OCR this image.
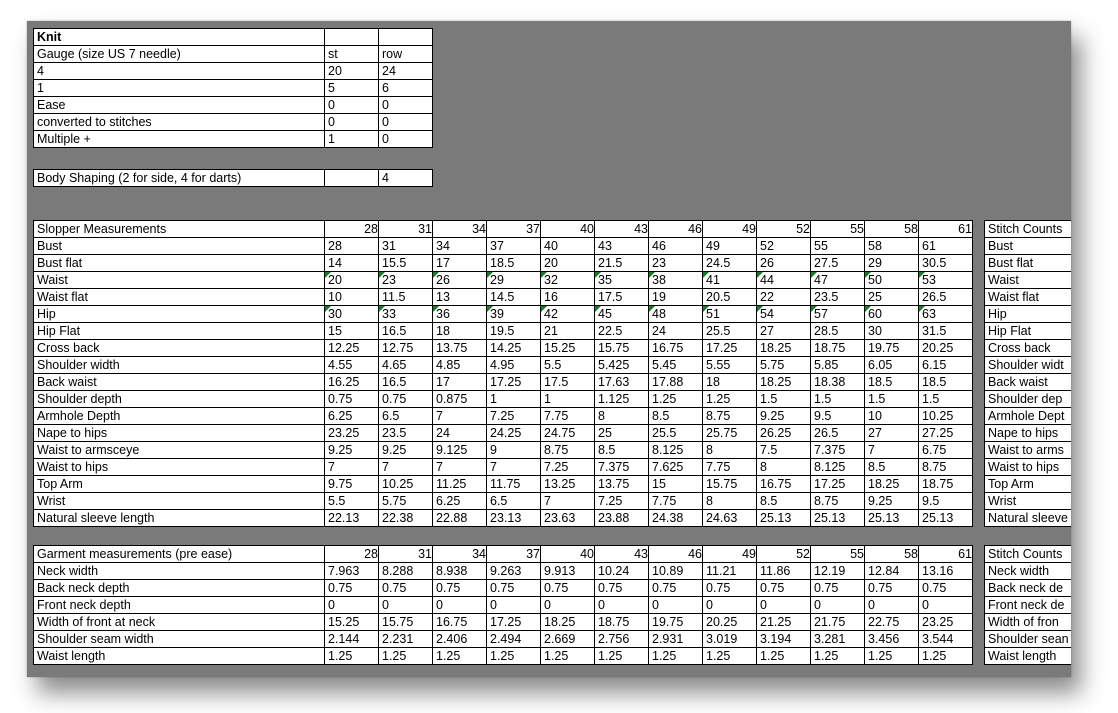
Knit		
Gauge (size US 7 needle)	st	row
4	20	24
1	5	6
Ease	0	0
converted to stitches	0	0
Multiple +	1	0
Body Shaping (2 for side, 4 for darts)		4
Slopper Measurements	28	31	34	37	40	43	46	49	52	55	58	61		Stitch Counts
Bust	28	31	34	37	40	43	46	49	52	55	58	61		Bust
Bust flat	14	15.5	17	18.5	20	21.5	23	24.5	26	27.5	29	30.5		Bust flat
Waist	20	23	26	29	32	35	38	41	44	47	50	53		Waist
Waist flat	10	11.5	13	14.5	16	17.5	19	20.5	22	23.5	25	26.5		Waist flat
Hip	30	33	36	39	42	45	48	51	54	57	60	63		Hip
Hip Flat	15	16.5	18	19.5	21	22.5	24	25.5	27	28.5	30	31.5		Hip Flat
Cross back	12.25	12.75	13.75	14.25	15.25	15.75	16.75	17.25	18.25	18.75	19.75	20.25		Cross back
Shoulder width	4.55	4.65	4.85	4.95	5.5	5.425	5.45	5.55	5.75	5.85	6.05	6.15		Shoulder widt
Back waist	16.25	16.5	17	17.25	17.5	17.63	17.88	18	18.25	18.38	18.5	18.5		Back waist
Shoulder depth	0.75	0.75	0.875	1	1	1.125	1.25	1.25	1.5	1.5	1.5	1.5		Shoulder dep
Armhole Depth	6.25	6.5	7	7.25	7.75	8	8.5	8.75	9.25	9.5	10	10.25		Armhole Dept
Nape to hips	23.25	23.5	24	24.25	24.75	25	25.5	25.75	26.25	26.5	27	27.25		Nape to hips
Waist to armsceye	9.25	9.25	9.125	9	8.75	8.5	8.125	8	7.5	7.375	7	6.75		Waist to arms
Waist to hips	7	7	7	7	7.25	7.375	7.625	7.75	8	8.125	8.5	8.75		Waist to hips
Top Arm	9.75	10.25	11.25	11.75	13.25	13.75	15	15.75	16.75	17.25	18.25	18.75		Top Arm
Wrist	5.5	5.75	6.25	6.5	7	7.25	7.75	8	8.5	8.75	9.25	9.5		Wrist
Natural sleeve length	22.13	22.38	22.88	23.13	23.63	23.88	24.38	24.63	25.13	25.13	25.13	25.13		Natural sleeve
Garment measurements (pre ease)	28	31	34	37	40	43	46	49	52	55	58	61		Stitch Counts
Neck width	7.963	8.288	8.938	9.263	9.913	10.24	10.89	11.21	11.86	12.19	12.84	13.16		Neck width
Back neck depth	0.75	0.75	0.75	0.75	0.75	0.75	0.75	0.75	0.75	0.75	0.75	0.75		Back neck de
Front neck depth	0	0	0	0	0	0	0	0	0	0	0	0		Front neck de
Width of front at neck	15.25	15.75	16.75	17.25	18.25	18.75	19.75	20.25	21.25	21.75	22.75	23.25		Width of fron
Shoulder seam width	2.144	2.231	2.406	2.494	2.669	2.756	2.931	3.019	3.194	3.281	3.456	3.544		Shoulder sean
Waist length	1.25	1.25	1.25	1.25	1.25	1.25	1.25	1.25	1.25	1.25	1.25	1.25		Waist length
